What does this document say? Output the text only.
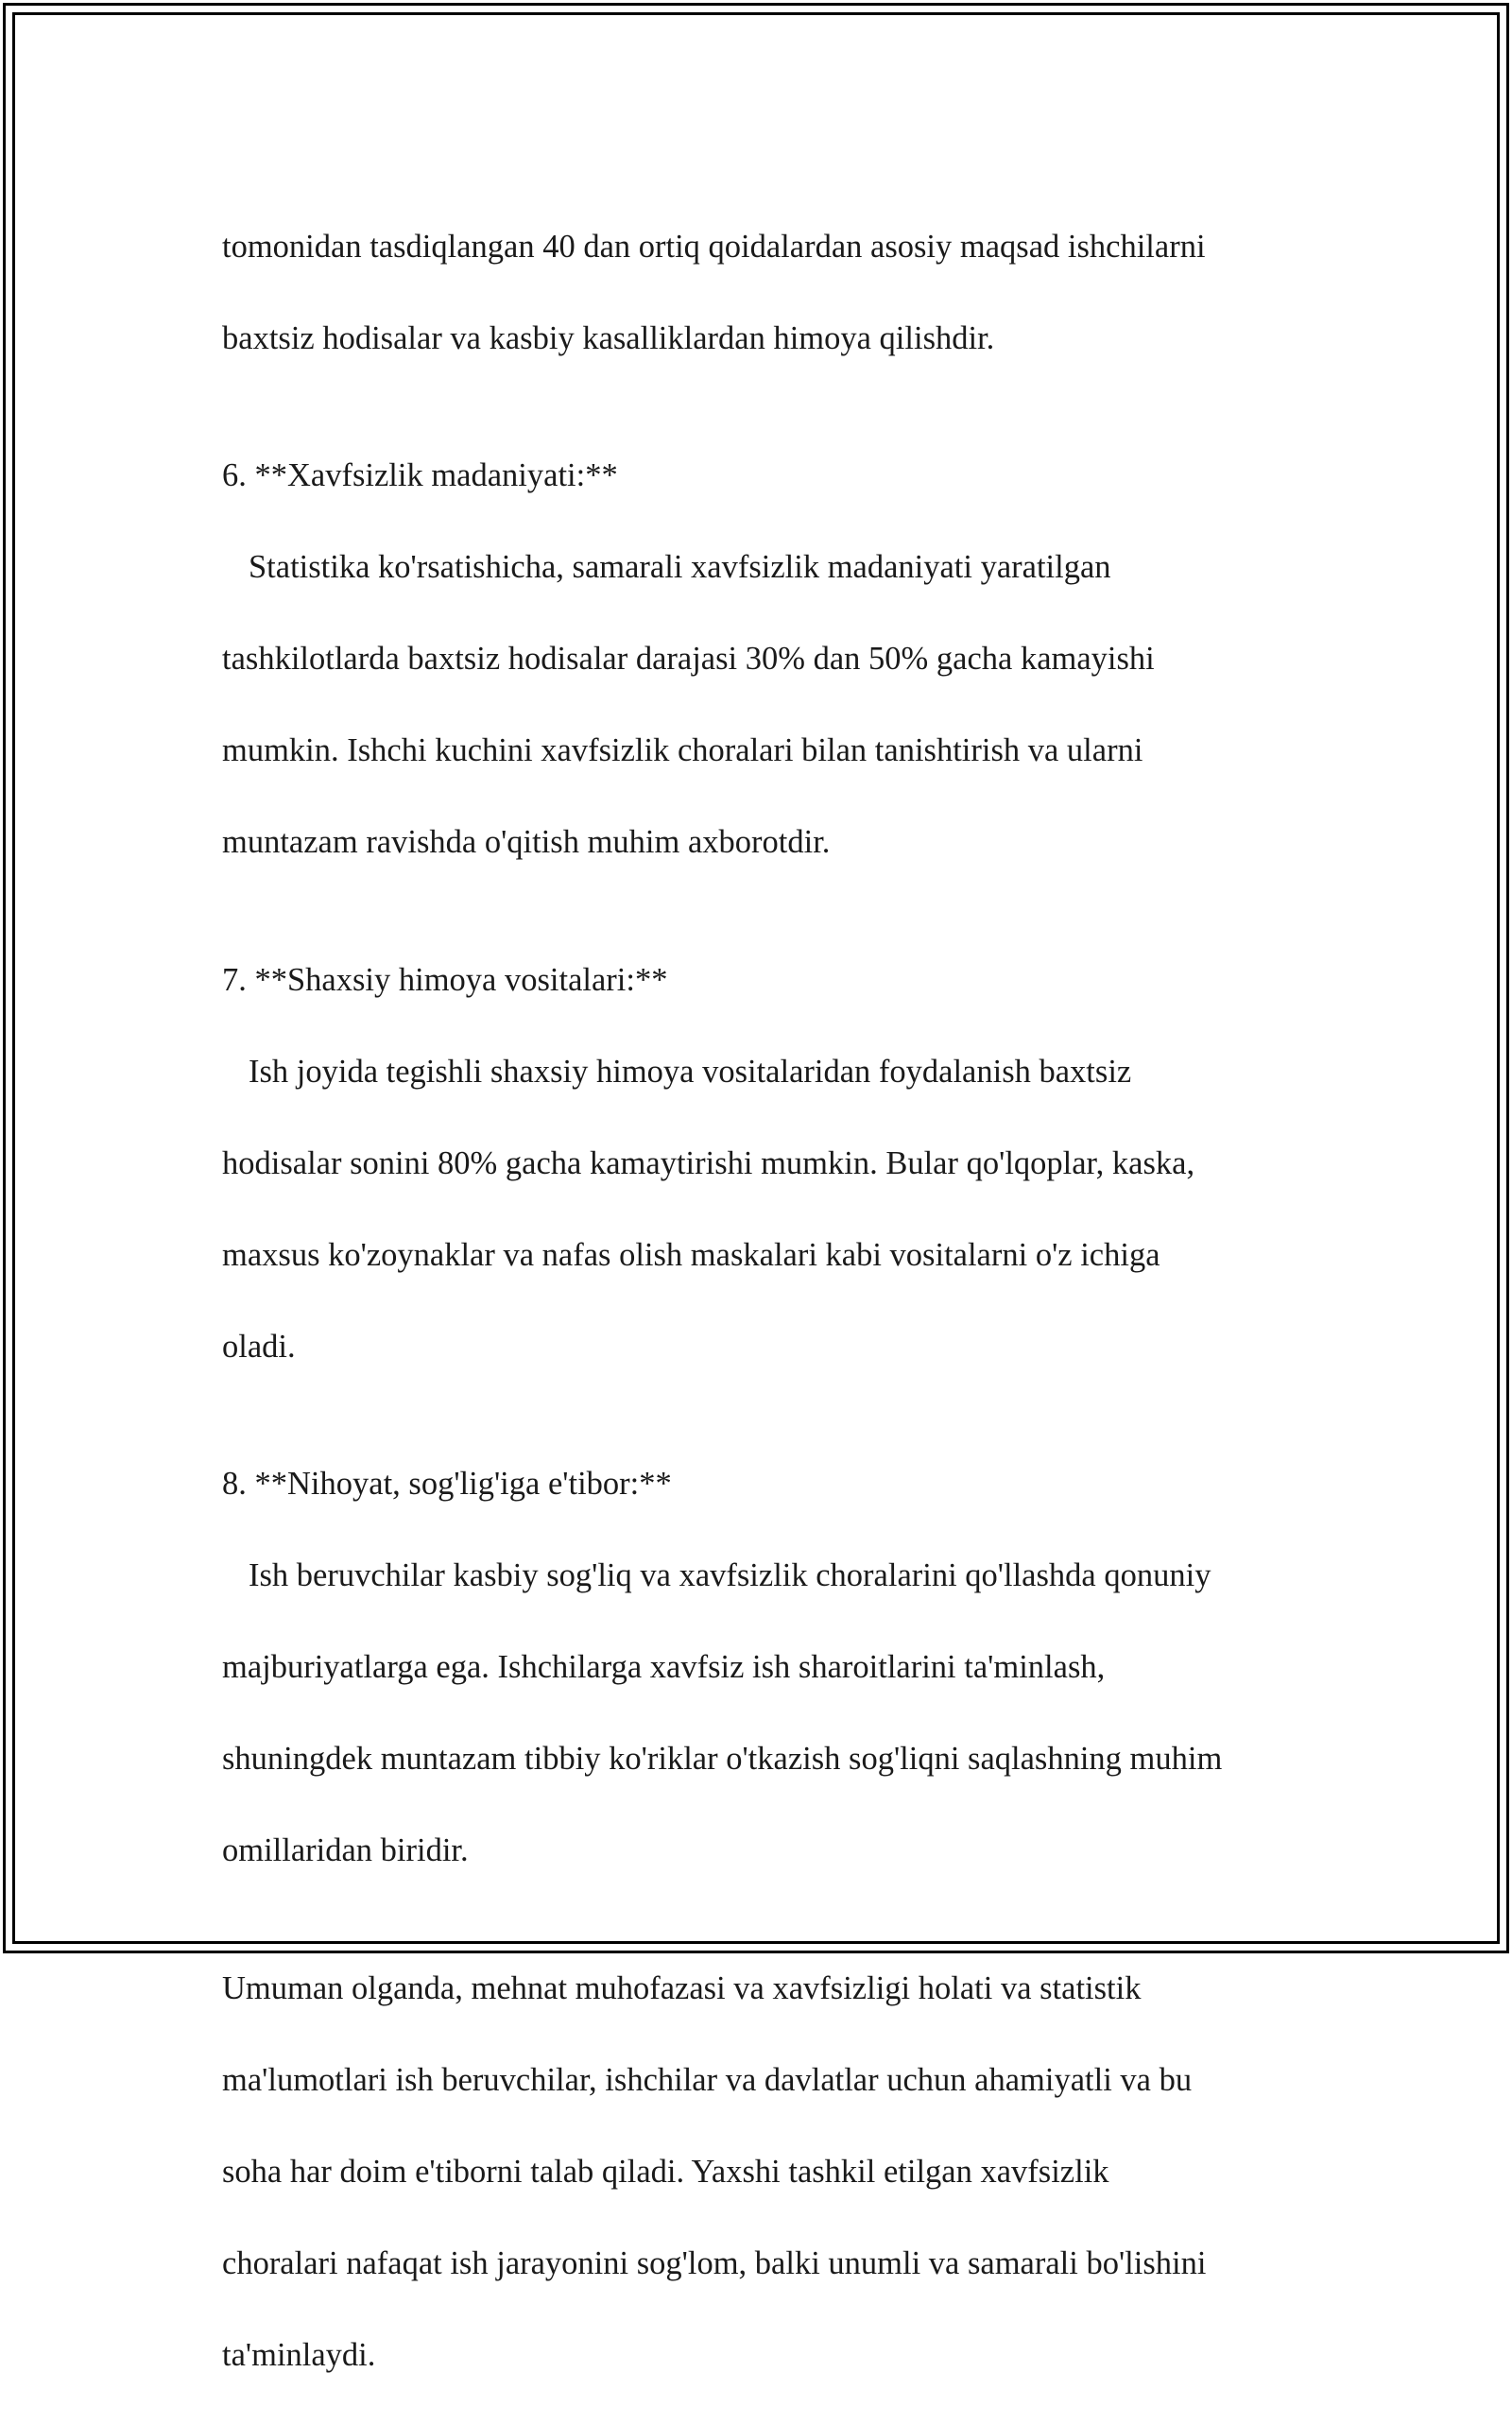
tomonidan tasdiqlangan 40 dan ortiq qoidalardan asosiy maqsad ishchilarni

baxtsiz hodisalar va kasbiy kasalliklardan himoya qilishdir.

6. **Xavfsizlik madaniyati:**

Statistika ko'rsatishicha, samarali xavfsizlik madaniyati yaratilgan

tashkilotlarda baxtsiz hodisalar darajasi 30% dan 50% gacha kamayishi

mumkin. Ishchi kuchini xavfsizlik choralari bilan tanishtirish va ularni

muntazam ravishda o'qitish muhim axborotdir.

7. **Shaxsiy himoya vositalari:**

Ish joyida tegishli shaxsiy himoya vositalaridan foydalanish baxtsiz

hodisalar sonini 80% gacha kamaytirishi mumkin. Bular qo'lqoplar, kaska,

maxsus ko'zoynaklar va nafas olish maskalari kabi vositalarni o'z ichiga

oladi.

8. **Nihoyat, sog'lig'iga e'tibor:**

Ish beruvchilar kasbiy sog'liq va xavfsizlik choralarini qo'llashda qonuniy

majburiyatlarga ega. Ishchilarga xavfsiz ish sharoitlarini ta'minlash,

shuningdek muntazam tibbiy ko'riklar o'tkazish sog'liqni saqlashning muhim

omillaridan biridir.

Umuman olganda, mehnat muhofazasi va xavfsizligi holati va statistik

ma'lumotlari ish beruvchilar, ishchilar va davlatlar uchun ahamiyatli va bu

soha har doim e'tiborni talab qiladi. Yaxshi tashkil etilgan xavfsizlik

choralari nafaqat ish jarayonini sog'lom, balki unumli va samarali bo'lishini

ta'minlaydi.
